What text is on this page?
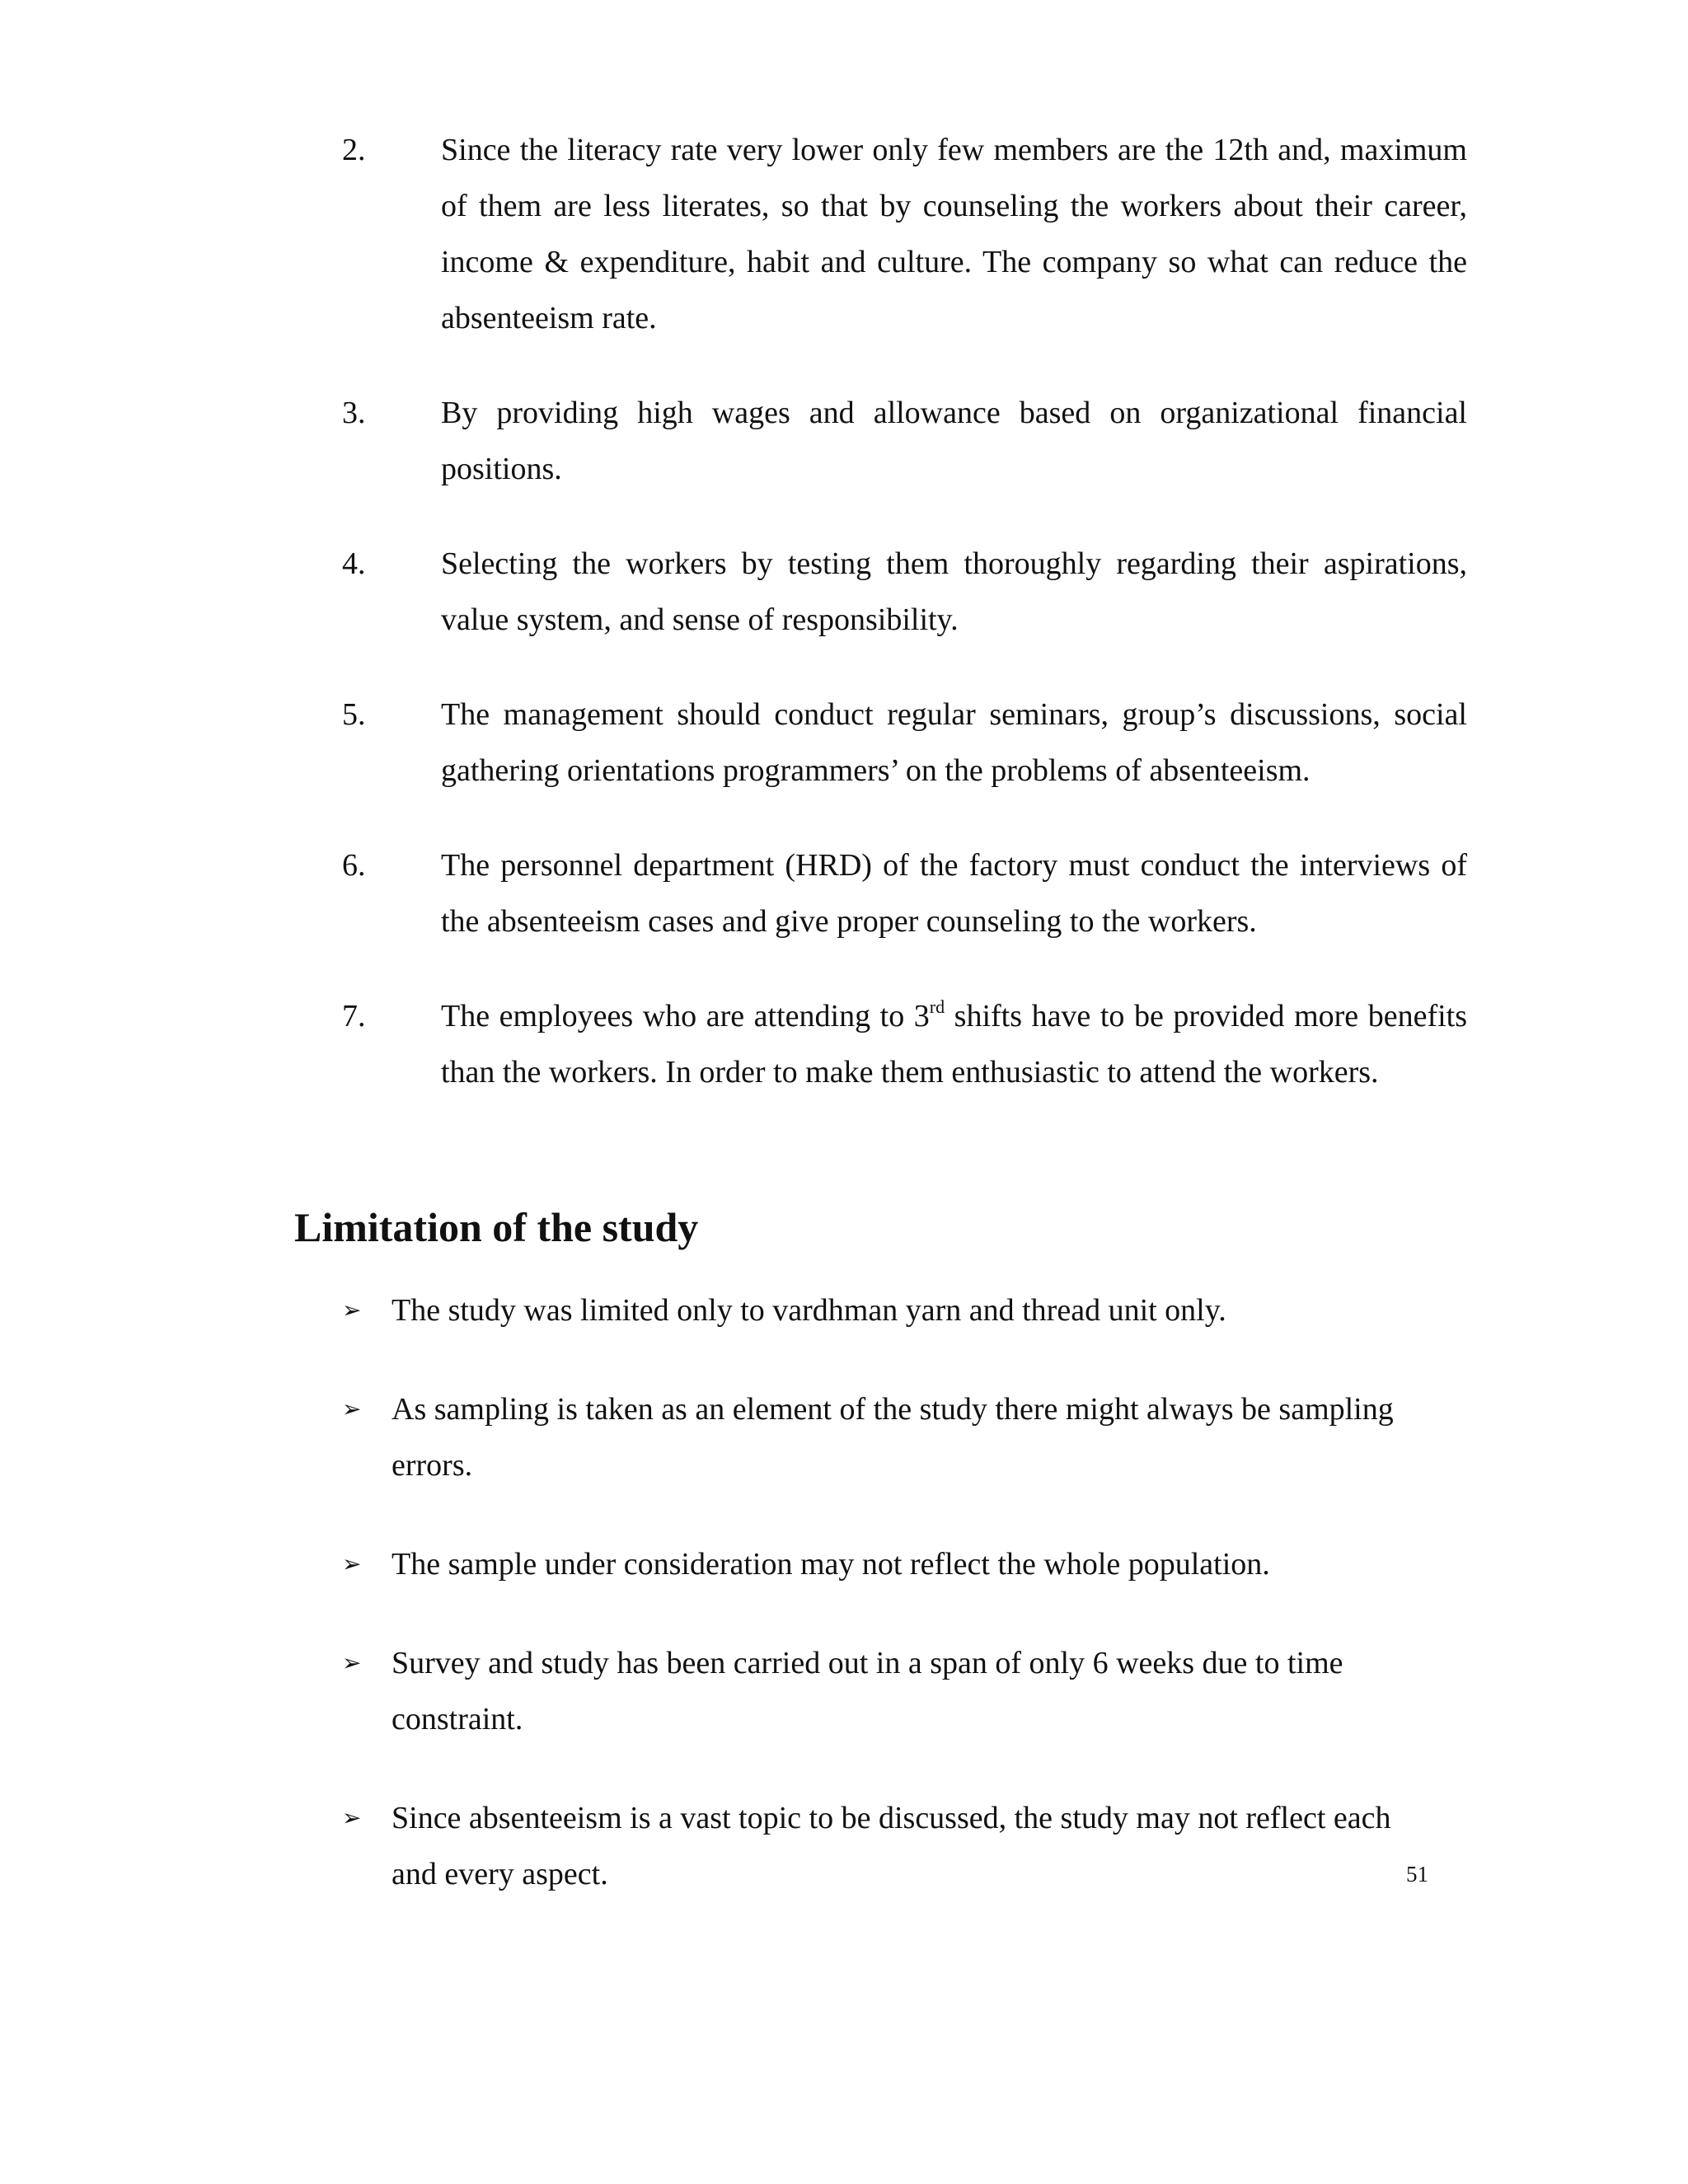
2.	Since the literacy rate very lower only few members are the 12th and, maximum of them are less literates, so that by counseling the workers about their career, income & expenditure, habit and culture. The company so what can reduce the absenteeism rate.
3.	By providing high wages and allowance based on organizational financial positions.
4.	Selecting the workers by testing them thoroughly regarding their aspirations, value system, and sense of responsibility.
5.	The management should conduct regular seminars, group’s discussions, social gathering orientations programmers’ on the problems of absenteeism.
6.	The personnel department (HRD) of the factory must conduct the interviews of the absenteeism cases and give proper counseling to the workers.
7.	The employees who are attending to 3rd shifts have to be provided more benefits than the workers. In order to make them enthusiastic to attend the workers.
Limitation of the study
➢ The study was limited only to vardhman yarn and thread unit only.
➢ As sampling is taken as an element of the study there might always be sampling errors.
➢ The sample under consideration may not reflect the whole population.
➢ Survey and study has been carried out in a span of only 6 weeks due to time constraint.
➢ Since absenteeism is a vast topic to be discussed, the study may not reflect each and every aspect.	51
